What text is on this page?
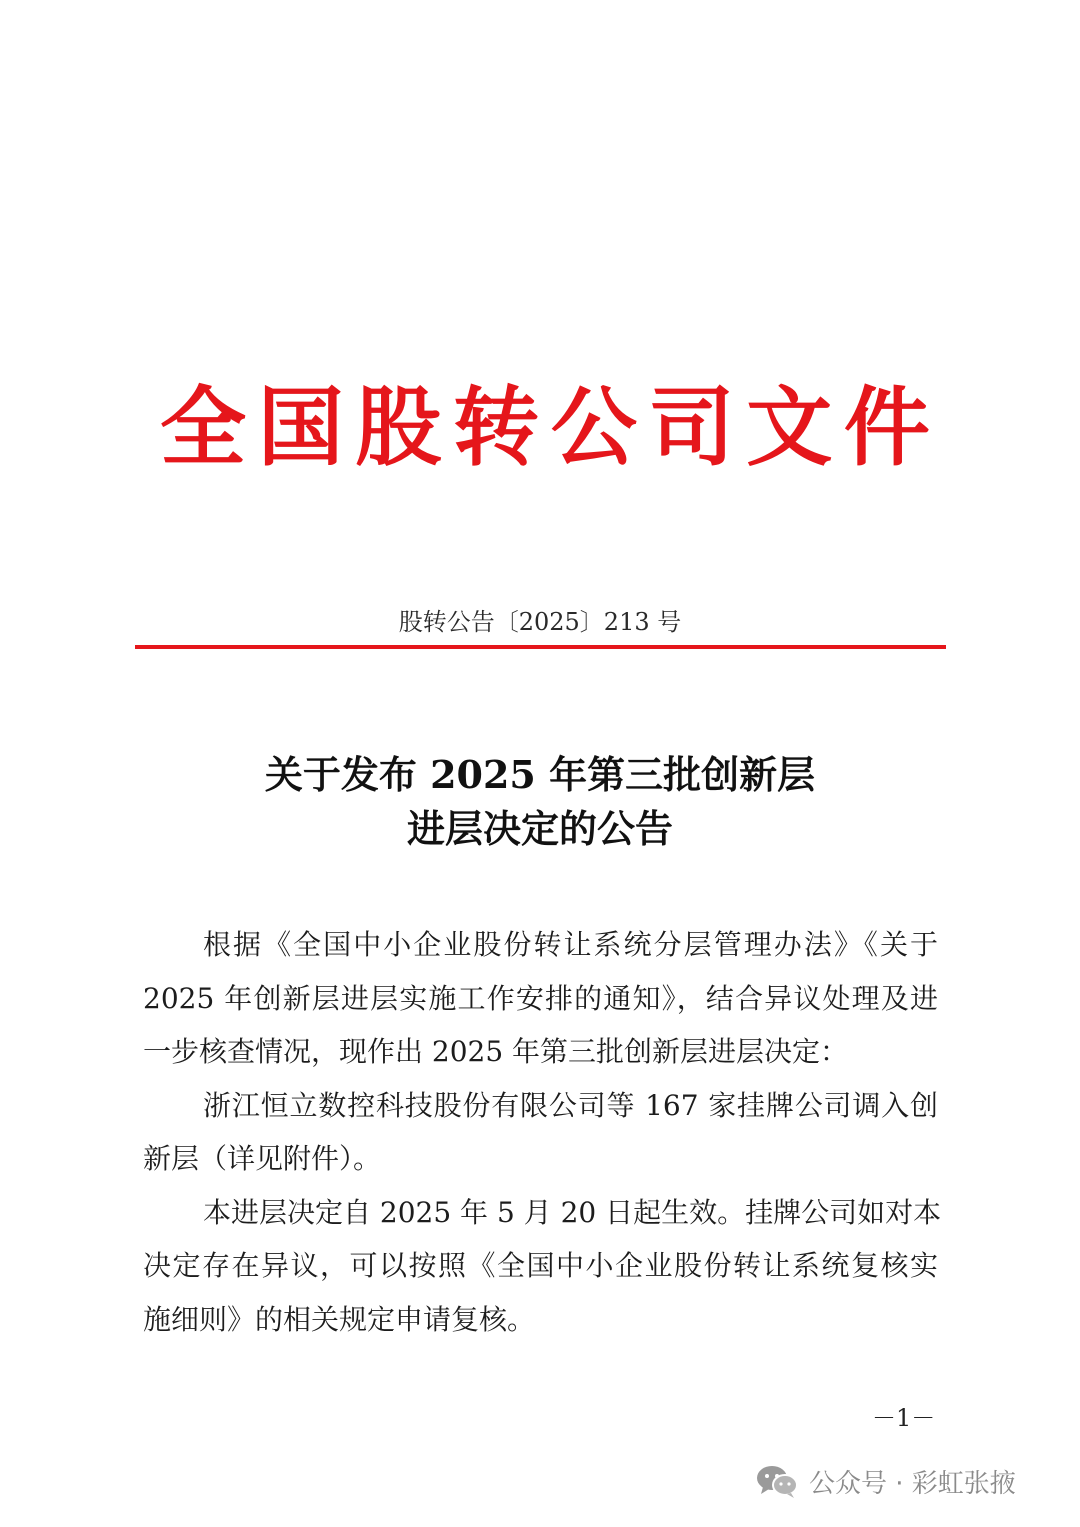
全 国 股 转 公 司 文 件
股转公告〔2025〕213 号
关于发布 2025 年第三批创新层
进层决定的公告
根据《全国中小企业股份转让系统分层管理办法》《关于
2025 年创新层进层实施工作安排的通知》，结合异议处理及进
一步核查情况，现作出 2025 年第三批创新层进层决定：
浙江恒立数控科技股份有限公司等 167 家挂牌公司调入创
新层（详见附件）。
本进层决定自 2025 年 5 月 20 日起生效。挂牌公司如对本
决定存在异议，可以按照《全国中小企业股份转让系统复核实
施细则》的相关规定申请复核。
－1－
公众号 · 彩虹张掖
